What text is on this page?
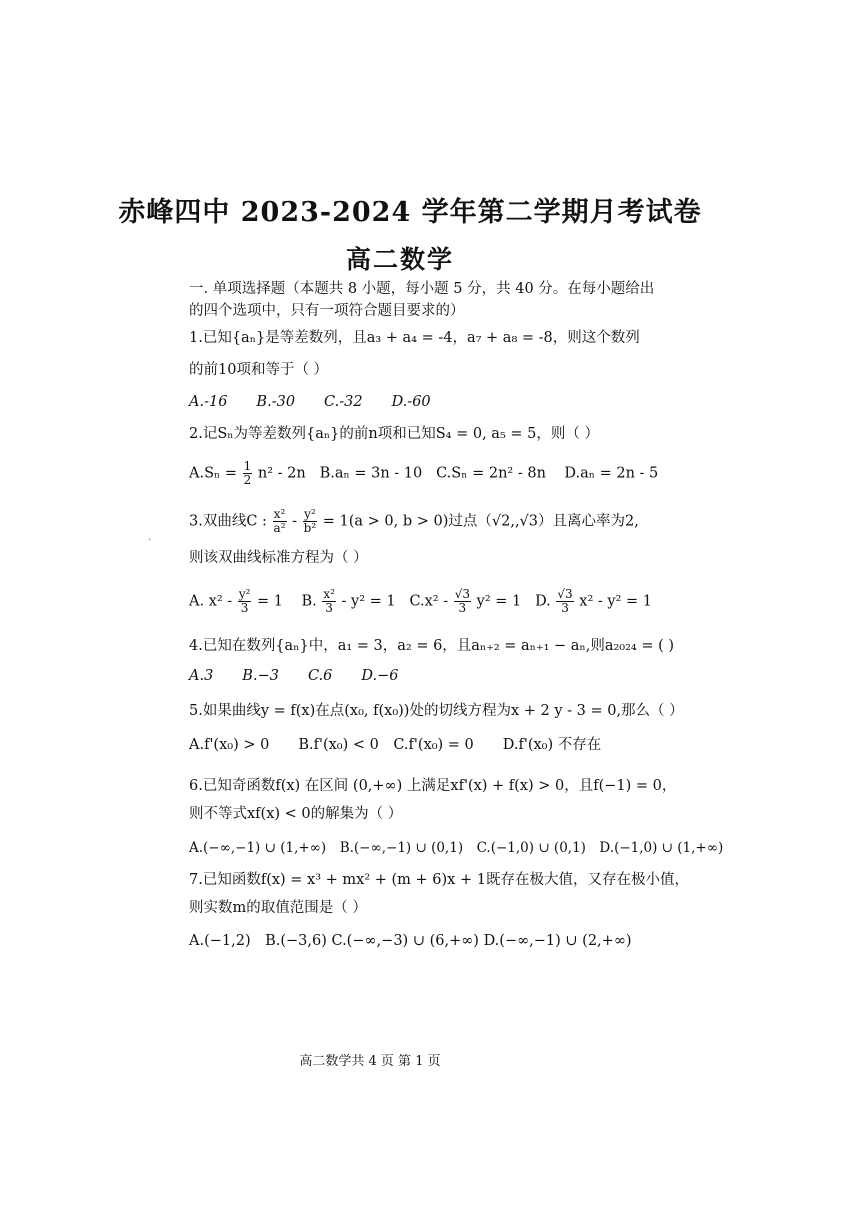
赤峰四中 2023-2024 学年第二学期月考试卷
高二数学
一. 单项选择题（本题共 8 小题，每小题 5 分，共 40 分。在每小题给出
的四个选项中，只有一项符合题目要求的）
1.已知{aₙ}是等差数列，且a₃ + a₄ = -4，a₇ + a₈ = -8，则这个数列
的前10项和等于（ ）
A.-16　　B.-30　　C.-32　　D.-60
2.记Sₙ为等差数列{aₙ}的前n项和已知S₄ = 0, a₅ = 5，则（ ）
$A.S_n = \frac{1}{2} n^2 - 2n$ B.aₙ = 3n - 10 C.Sₙ = 2n² - 8n D.aₙ = 2n - 5
3.双曲线C : $\frac{\text{x²}}{\text{a²}} - \frac{\text{y²}}{\text{b²}} = 1(a > 0$, b > 0)过点（√2,,√3）且离心率为2,
·
则该双曲线标准方程为（ ）
A. $x^2 - \frac{\text{y²}}{3} = 1$ B. $\frac{\text{x²}}{3} - y^2 = 1$ $C.x^2 - \frac{√3}{3} y^2 = 1$ D. $\frac{√3}{3} x^2 - y^2 = 1$
4.已知在数列{aₙ}中，a₁ = 3，a₂ = 6，且aₙ₊₂ = aₙ₊₁ − aₙ,则a₂₀₂₄ = ( )
A.3　　B.−3　　C.6　　D.−6
5.如果曲线y = f(x)在点(x₀, f(x₀))处的切线方程为x + 2 y - 3 = 0,那么（ ）
A.f'(x₀) > 0　　B.f'(x₀) < 0　C.f'(x₀) = 0　　D.f'(x₀) 不存在
6.已知奇函数f(x) 在区间 (0,+∞) 上满足xf'(x) + f(x) > 0，且f(−1) = 0，
则不等式xf(x) < 0的解集为（ ）
A.(−∞,−1) ∪ (1,+∞)　B.(−∞,−1) ∪ (0,1)　C.(−1,0) ∪ (0,1)　D.(−1,0) ∪ (1,+∞)
7.已知函数f(x) = x³ + mx² + (m + 6)x + 1既存在极大值，又存在极小值，
则实数m的取值范围是（ ）
A.(−1,2)　B.(−3,6) C.(−∞,−3) ∪ (6,+∞) D.(−∞,−1) ∪ (2,+∞)
高二数学共 4 页 第 1 页
